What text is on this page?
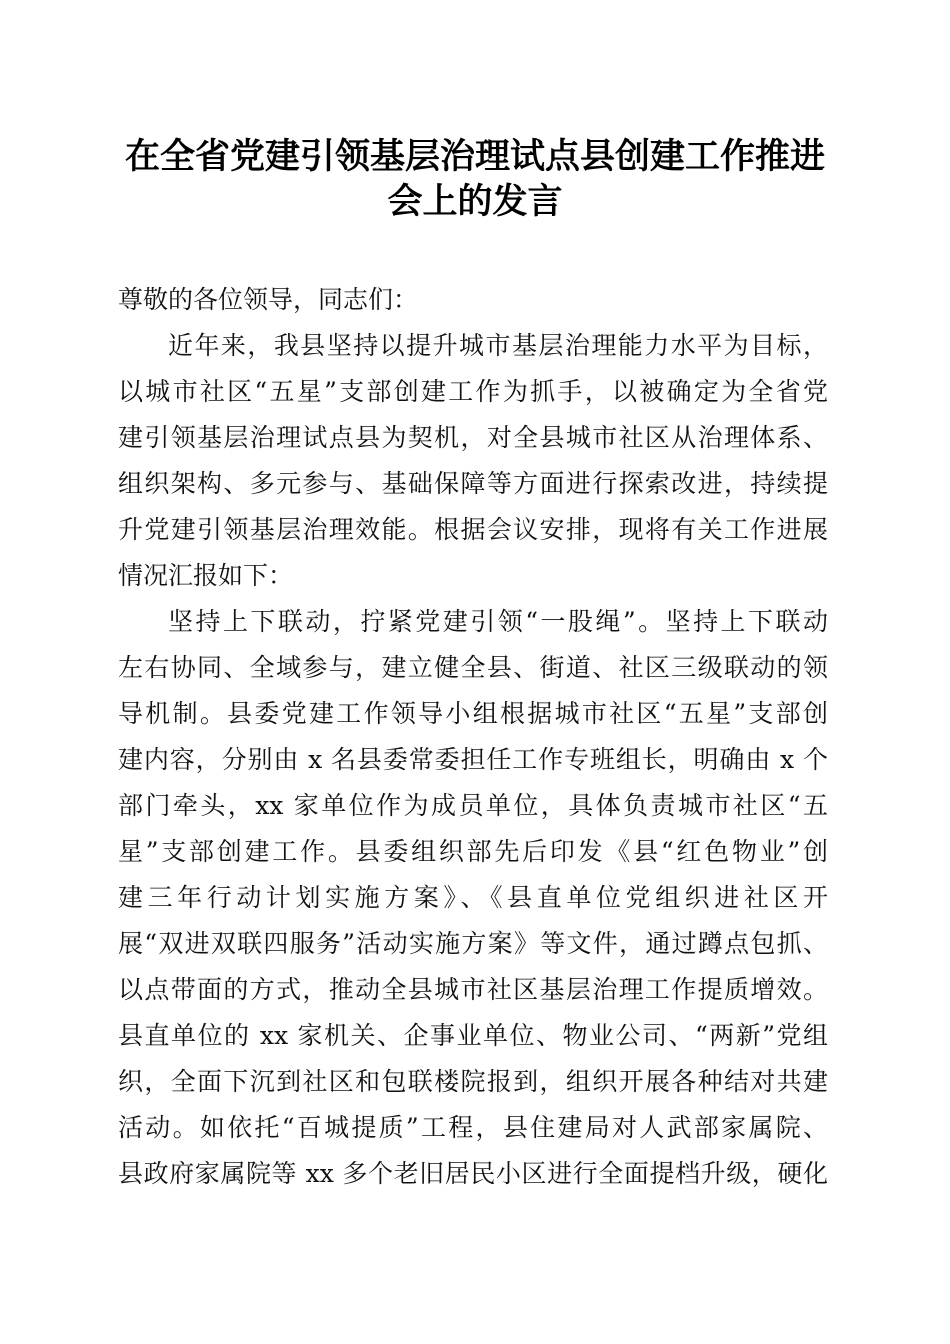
在全省党建引领基层治理试点县创建工作推进
会上的发言
尊敬的各位领导，同志们：
近年来，我县坚持以提升城市基层治理能力水平为目标，
以城市社区“五星”支部创建工作为抓手，以被确定为全省党
建引领基层治理试点县为契机，对全县城市社区从治理体系、
组织架构、多元参与、基础保障等方面进行探索改进，持续提
升党建引领基层治理效能。根据会议安排，现将有关工作进展
情况汇报如下：
坚持上下联动，拧紧党建引领“一股绳”。坚持上下联动
左右协同、全域参与，建立健全县、街道、社区三级联动的领
导机制。县委党建工作领导小组根据城市社区“五星”支部创
建内容，分别由 x 名县委常委担任工作专班组长，明确由 x 个
部门牵头，xx 家单位作为成员单位，具体负责城市社区“五
星”支部创建工作。县委组织部先后印发《县“红色物业”创
建三年行动计划实施方案》、《县直单位党组织进社区开
展“双进双联四服务”活动实施方案》等文件，通过蹲点包抓、
以点带面的方式，推动全县城市社区基层治理工作提质增效。
县直单位的 xx 家机关、企事业单位、物业公司、“两新”党组
织，全面下沉到社区和包联楼院报到，组织开展各种结对共建
活动。如依托“百城提质”工程，县住建局对人武部家属院、
县政府家属院等 xx 多个老旧居民小区进行全面提档升级，硬化
